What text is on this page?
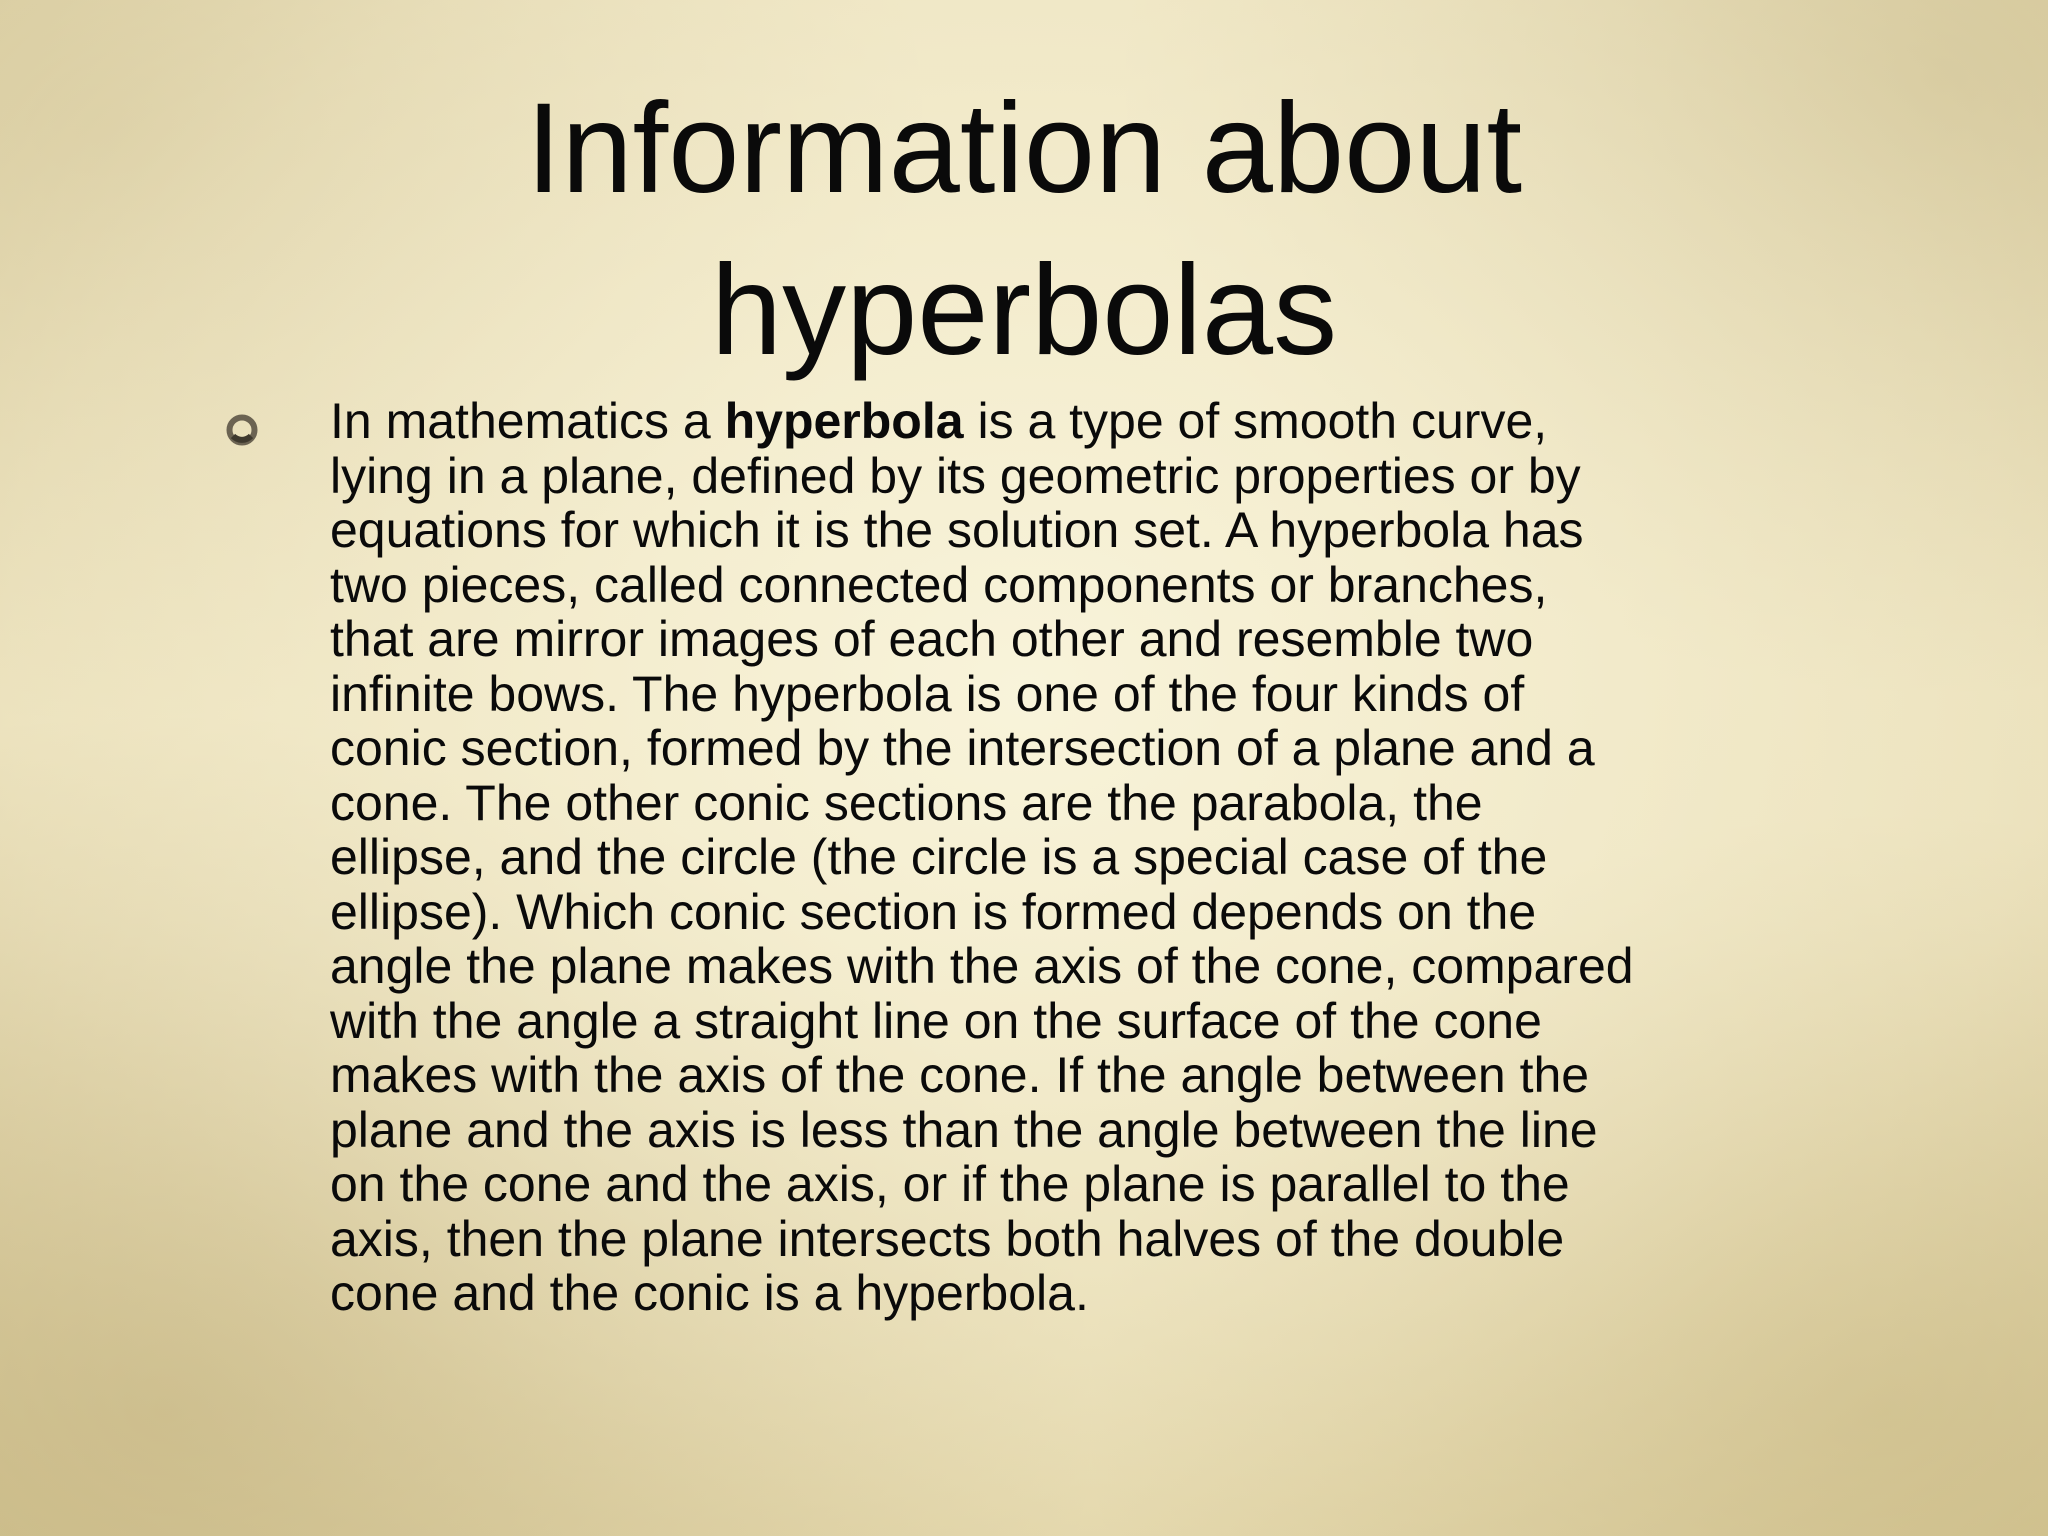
Information about
hyperbolas
In mathematics a hyperbola is a type of smooth curve,
lying in a plane, defined by its geometric properties or by
equations for which it is the solution set. A hyperbola has
two pieces, called connected components or branches,
that are mirror images of each other and resemble two
infinite bows. The hyperbola is one of the four kinds of
conic section, formed by the intersection of a plane and a
cone. The other conic sections are the parabola, the
ellipse, and the circle (the circle is a special case of the
ellipse). Which conic section is formed depends on the
angle the plane makes with the axis of the cone, compared
with the angle a straight line on the surface of the cone
makes with the axis of the cone. If the angle between the
plane and the axis is less than the angle between the line
on the cone and the axis, or if the plane is parallel to the
axis, then the plane intersects both halves of the double
cone and the conic is a hyperbola.
